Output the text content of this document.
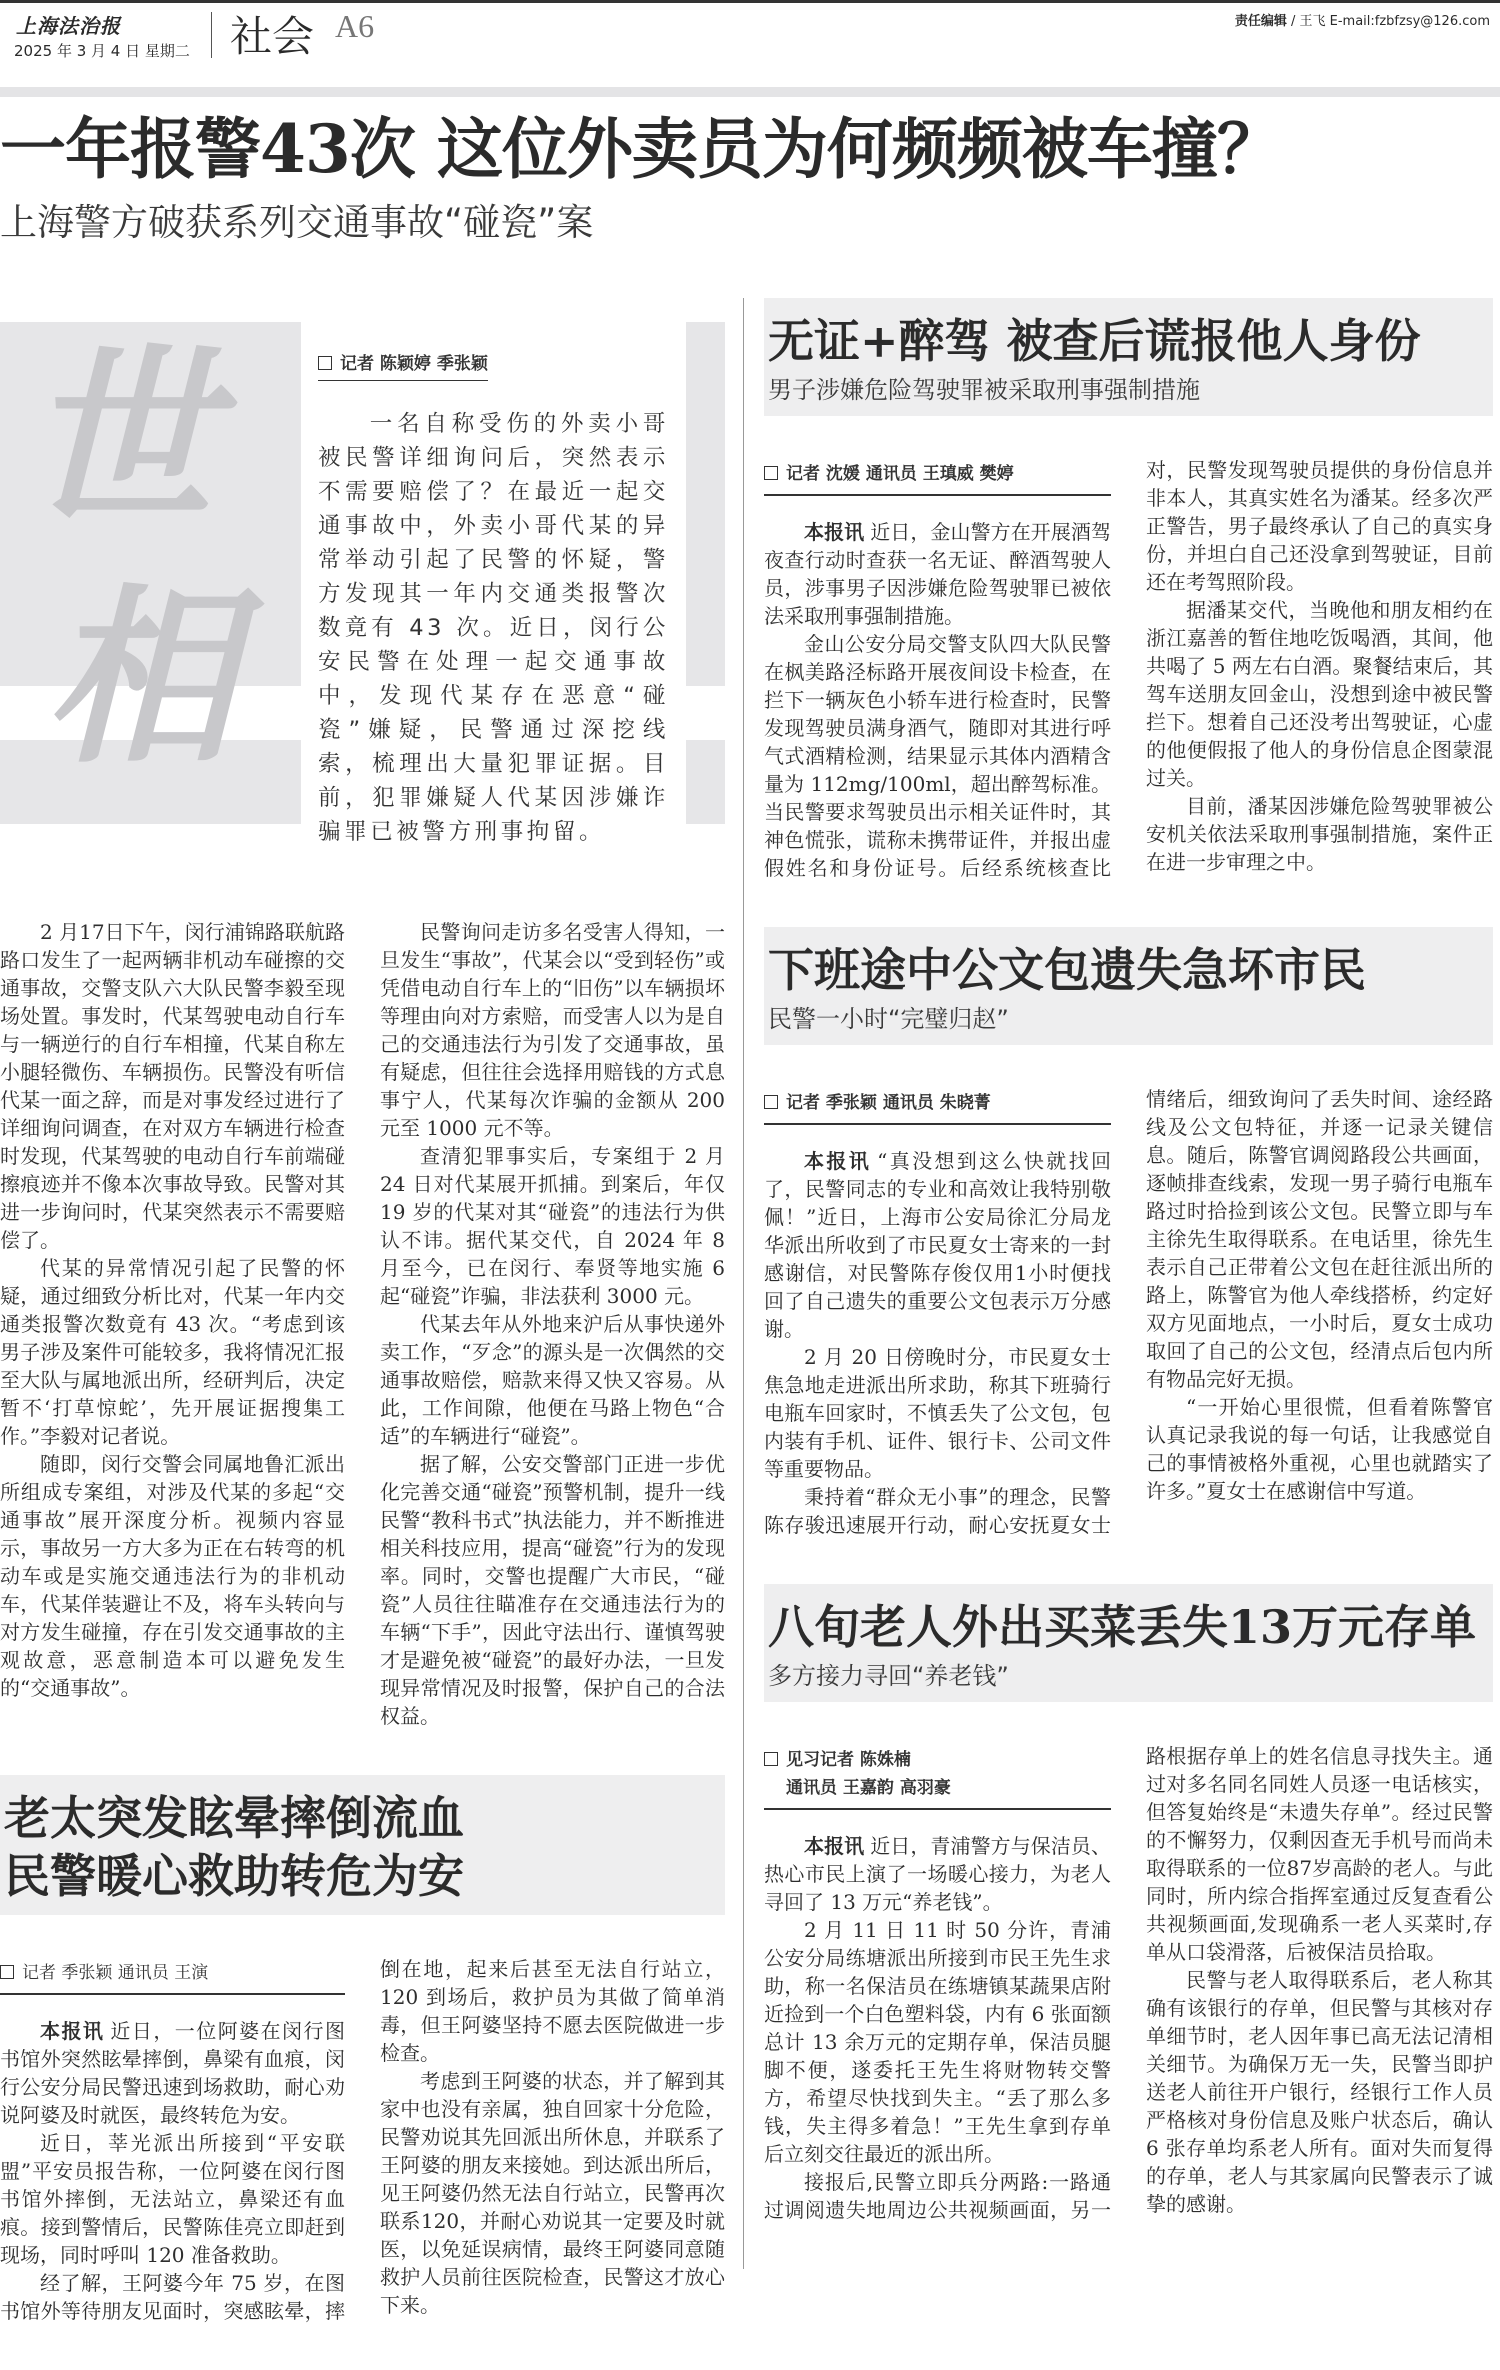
上海法治报
2025 年 3 月 4 日 星期二 社会 A6	责任编辑 / 王飞 E-mail:fzbfzsy@126.com
一年报警43次 这位外卖员为何频频被车撞？
上海警方破获系列交通事故“碰瓷”案
世
相
记者 陈颖婷 季张颖

一名自称受伤的外卖小哥被民警详细询问后，突然表示不需要赔偿了？在最近一起交通事故中，外卖小哥代某的异常举动引起了民警的怀疑，警方发现其一年内交通类报警次数竟有 43 次。近日，闵行公安民警在处理一起交通事故中，发现代某存在恶意“碰瓷”嫌疑，民警通过深挖线索，梳理出大量犯罪证据。目前，犯罪嫌疑人代某因涉嫌诈骗罪已被警方刑事拘留。

2 月17日下午，闵行浦锦路联航路路口发生了一起两辆非机动车碰擦的交通事故，交警支队六大队民警李毅至现场处置。事发时，代某驾驶电动自行车与一辆逆行的自行车相撞，代某自称左小腿轻微伤、车辆损伤。民警没有听信代某一面之辞，而是对事发经过进行了详细询问调查，在对双方车辆进行检查时发现，代某驾驶的电动自行车前端碰擦痕迹并不像本次事故导致。民警对其进一步询问时，代某突然表示不需要赔偿了。

代某的异常情况引起了民警的怀疑，通过细致分析比对，代某一年内交通类报警次数竟有 43 次。“考虑到该男子涉及案件可能较多，我将情况汇报至大队与属地派出所，经研判后，决定暂不‘打草惊蛇’，先开展证据搜集工作。”李毅对记者说。

随即，闵行交警会同属地鲁汇派出所组成专案组，对涉及代某的多起“交通事故”展开深度分析。视频内容显示，事故另一方大多为正在右转弯的机动车或是实施交通违法行为的非机动车，代某佯装避让不及，将车头转向与对方发生碰撞，存在引发交通事故的主观故意，恶意制造本可以避免发生的“交通事故”。

民警询问走访多名受害人得知，一旦发生“事故”，代某会以“受到轻伤”或凭借电动自行车上的“旧伤”以车辆损坏等理由向对方索赔，而受害人以为是自己的交通违法行为引发了交通事故，虽有疑虑，但往往会选择用赔钱的方式息事宁人，代某每次诈骗的金额从 200 元至 1000 元不等。

查清犯罪事实后，专案组于 2 月 24 日对代某展开抓捕。到案后，年仅 19 岁的代某对其“碰瓷”的违法行为供认不讳。据代某交代，自 2024 年 8 月至今，已在闵行、奉贤等地实施 6 起“碰瓷”诈骗，非法获利 3000 元。

代某去年从外地来沪后从事快递外卖工作，“歹念”的源头是一次偶然的交通事故赔偿，赔款来得又快又容易。从此，工作间隙，他便在马路上物色“合适”的车辆进行“碰瓷”。

据了解，公安交警部门正进一步优化完善交通“碰瓷”预警机制，提升一线民警“教科书式”执法能力，并不断推进相关科技应用，提高“碰瓷”行为的发现率。同时，交警也提醒广大市民，“碰瓷”人员往往瞄准存在交通违法行为的车辆“下手”，因此守法出行、谨慎驾驶才是避免被“碰瓷”的最好办法，一旦发现异常情况及时报警，保护自己的合法权益。

老太突发眩晕摔倒流血
民警暖心救助转危为安
记者 季张颖 通讯员 王演

本报讯 近日，一位阿婆在闵行图书馆外突然眩晕摔倒，鼻梁有血痕，闵行公安分局民警迅速到场救助，耐心劝说阿婆及时就医，最终转危为安。

近日，莘光派出所接到“平安联盟”平安员报告称，一位阿婆在闵行图书馆外摔倒，无法站立，鼻梁还有血痕。接到警情后，民警陈佳亮立即赶到现场，同时呼叫 120 准备救助。

经了解，王阿婆今年 75 岁，在图书馆外等待朋友见面时，突感眩晕，摔倒在地，起来后甚至无法自行站立，120 到场后，救护员为其做了简单消毒，但王阿婆坚持不愿去医院做进一步检查。

考虑到王阿婆的状态，并了解到其家中也没有亲属，独自回家十分危险，民警劝说其先回派出所休息，并联系了王阿婆的朋友来接她。到达派出所后，见王阿婆仍然无法自行站立，民警再次联系120，并耐心劝说其一定要及时就医，以免延误病情，最终王阿婆同意随救护人员前往医院检查，民警这才放心下来。

无证+醉驾 被查后谎报他人身份
男子涉嫌危险驾驶罪被采取刑事强制措施
记者 沈媛 通讯员 王瑱威 樊婷

本报讯 近日，金山警方在开展酒驾夜查行动时查获一名无证、醉酒驾驶人员，涉事男子因涉嫌危险驾驶罪已被依法采取刑事强制措施。

金山公安分局交警支队四大队民警在枫美路泾标路开展夜间设卡检查，在拦下一辆灰色小轿车进行检查时，民警发现驾驶员满身酒气，随即对其进行呼气式酒精检测，结果显示其体内酒精含量为 112mg/100ml，超出醉驾标准。当民警要求驾驶员出示相关证件时，其神色慌张，谎称未携带证件，并报出虚假姓名和身份证号。后经系统核查比对，民警发现驾驶员提供的身份信息并非本人，其真实姓名为潘某。经多次严正警告，男子最终承认了自己的真实身份，并坦白自己还没拿到驾驶证，目前还在考驾照阶段。

据潘某交代，当晚他和朋友相约在浙江嘉善的暂住地吃饭喝酒，其间，他共喝了 5 两左右白酒。聚餐结束后，其驾车送朋友回金山，没想到途中被民警拦下。想着自己还没考出驾驶证，心虚的他便假报了他人的身份信息企图蒙混过关。

目前，潘某因涉嫌危险驾驶罪被公安机关依法采取刑事强制措施，案件正在进一步审理之中。

下班途中公文包遗失急坏市民
民警一小时“完璧归赵”
记者 季张颖 通讯员 朱晓菁

本报讯 “真没想到这么快就找回了，民警同志的专业和高效让我特别敬佩！”近日，上海市公安局徐汇分局龙华派出所收到了市民夏女士寄来的一封感谢信，对民警陈存俊仅用1小时便找回了自己遗失的重要公文包表示万分感谢。

2 月 20 日傍晚时分，市民夏女士焦急地走进派出所求助，称其下班骑行电瓶车回家时，不慎丢失了公文包，包内装有手机、证件、银行卡、公司文件等重要物品。

秉持着“群众无小事”的理念，民警陈存骏迅速展开行动，耐心安抚夏女士情绪后，细致询问了丢失时间、途经路线及公文包特征，并逐一记录关键信息。随后，陈警官调阅路段公共画面，逐帧排查线索，发现一男子骑行电瓶车路过时拾捡到该公文包。民警立即与车主徐先生取得联系。在电话里，徐先生表示自己正带着公文包在赶往派出所的路上，陈警官为他人牵线搭桥，约定好双方见面地点，一小时后，夏女士成功取回了自己的公文包，经清点后包内所有物品完好无损。

“一开始心里很慌，但看着陈警官认真记录我说的每一句话，让我感觉自己的事情被格外重视，心里也就踏实了许多。”夏女士在感谢信中写道。

八旬老人外出买菜丢失13万元存单
多方接力寻回“养老钱”
见习记者 陈姝楠
通讯员 王嘉韵 高羽豪

本报讯 近日，青浦警方与保洁员、热心市民上演了一场暖心接力，为老人寻回了 13 万元“养老钱”。

2 月 11 日 11 时 50 分许，青浦公安分局练塘派出所接到市民王先生求助，称一名保洁员在练塘镇某蔬果店附近捡到一个白色塑料袋，内有 6 张面额总计 13 余万元的定期存单，保洁员腿脚不便，遂委托王先生将财物转交警方，希望尽快找到失主。“丢了那么多钱，失主得多着急！”王先生拿到存单后立刻交往最近的派出所。

接报后,民警立即兵分两路:一路通过调阅遗失地周边公共视频画面，另一路根据存单上的姓名信息寻找失主。通过对多名同名同姓人员逐一电话核实，但答复始终是“未遗失存单”。经过民警的不懈努力，仅剩因查无手机号而尚未取得联系的一位87岁高龄的老人。与此同时，所内综合指挥室通过反复查看公共视频画面,发现确系一老人买菜时,存单从口袋滑落，后被保洁员拾取。

民警与老人取得联系后，老人称其确有该银行的存单，但民警与其核对存单细节时，老人因年事已高无法记清相关细节。为确保万无一失，民警当即护送老人前往开户银行，经银行工作人员严格核对身份信息及账户状态后，确认6 张存单均系老人所有。面对失而复得的存单，老人与其家属向民警表示了诚挚的感谢。
